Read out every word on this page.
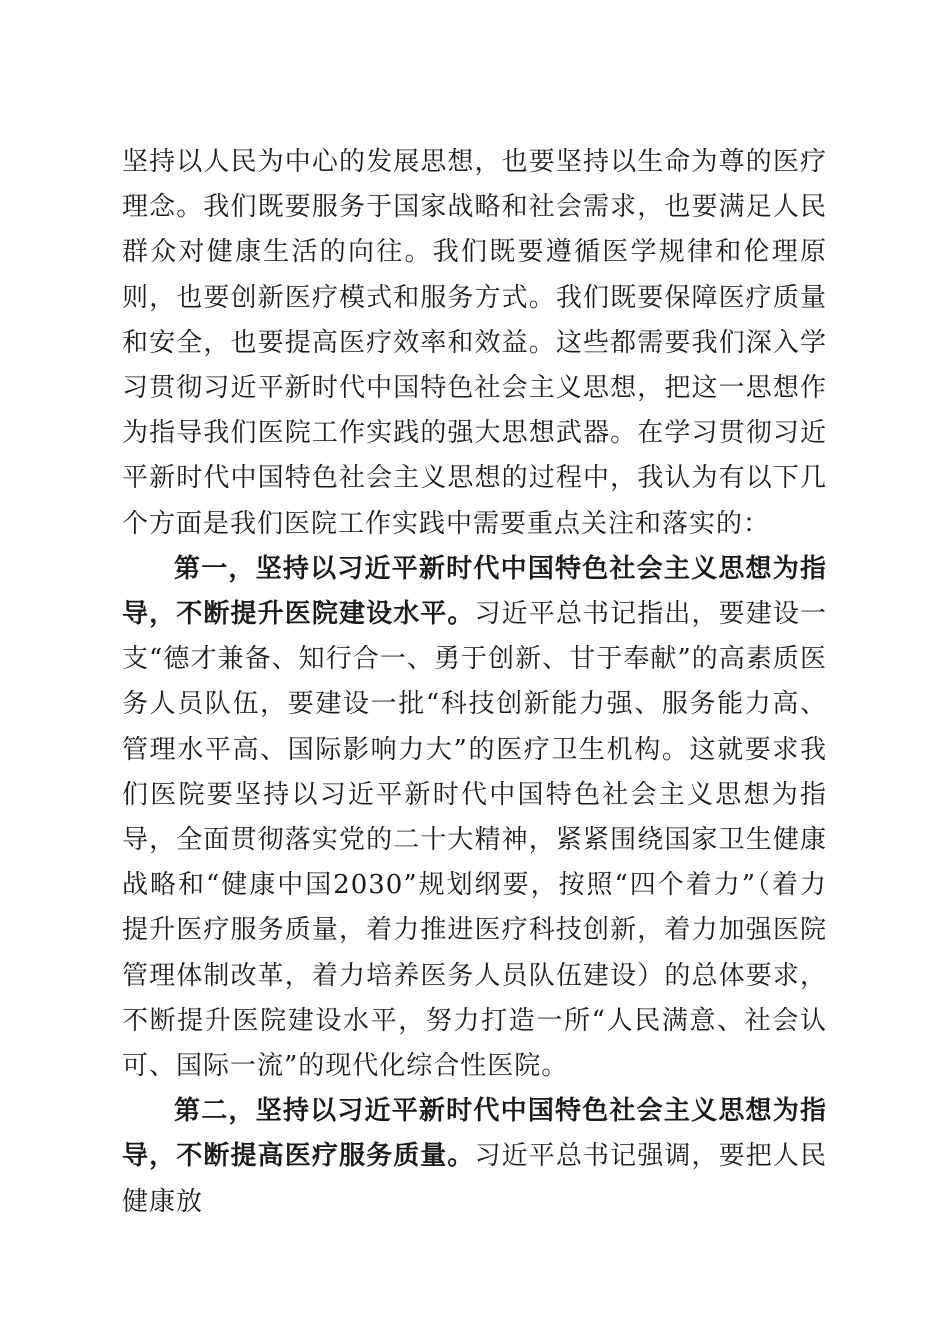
坚持以人民为中心的发展思想，也要坚持以生命为尊的医疗理念。我们既要服务于国家战略和社会需求，也要满足人民群众对健康生活的向往。我们既要遵循医学规律和伦理原则，也要创新医疗模式和服务方式。我们既要保障医疗质量和安全，也要提高医疗效率和效益。这些都需要我们深入学习贯彻习近平新时代中国特色社会主义思想，把这一思想作为指导我们医院工作实践的强大思想武器。在学习贯彻习近平新时代中国特色社会主义思想的过程中，我认为有以下几个方面是我们医院工作实践中需要重点关注和落实的：

第一，坚持以习近平新时代中国特色社会主义思想为指导，不断提升医院建设水平。习近平总书记指出，要建设一支“德才兼备、知行合一、勇于创新、甘于奉献”的高素质医务人员队伍，要建设一批“科技创新能力强、服务能力高、管理水平高、国际影响力大”的医疗卫生机构。这就要求我们医院要坚持以习近平新时代中国特色社会主义思想为指导，全面贯彻落实党的二十大精神，紧紧围绕国家卫生健康战略和“健康中国2030”规划纲要，按照“四个着力”（着力提升医疗服务质量，着力推进医疗科技创新，着力加强医院管理体制改革，着力培养医务人员队伍建设）的总体要求，不断提升医院建设水平，努力打造一所“人民满意、社会认可、国际一流”的现代化综合性医院。

第二，坚持以习近平新时代中国特色社会主义思想为指导，不断提高医疗服务质量。习近平总书记强调，要把人民健康放
